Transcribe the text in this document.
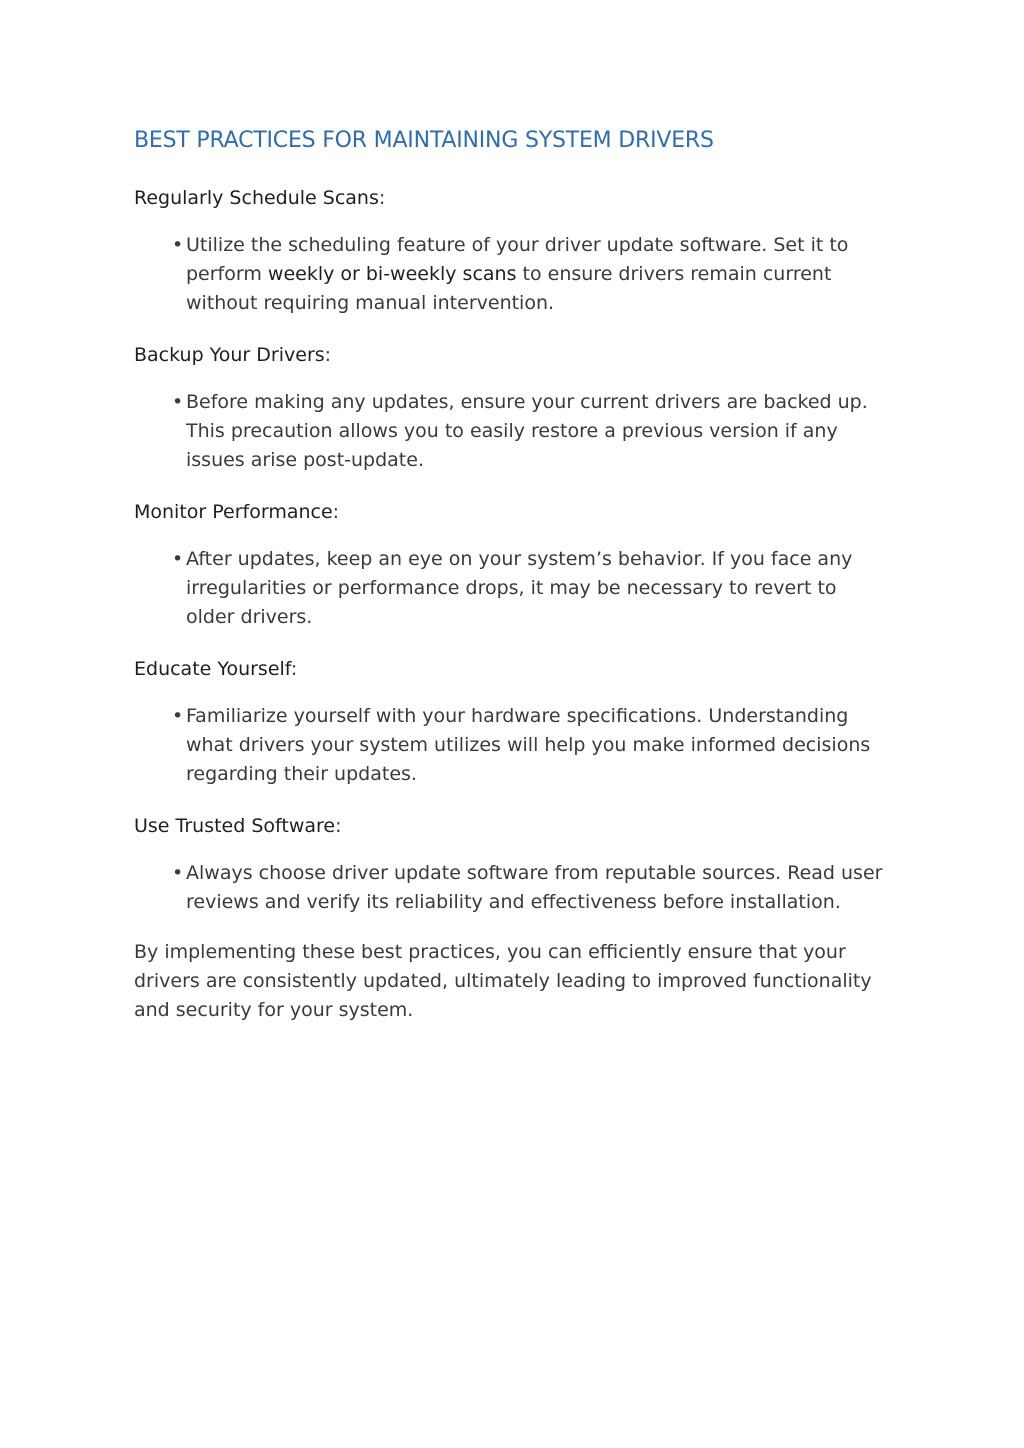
BEST PRACTICES FOR MAINTAINING SYSTEM DRIVERS
Regularly Schedule Scans:
• Utilize the scheduling feature of your driver update software. Set it to perform weekly or bi-weekly scans to ensure drivers remain current without requiring manual intervention.
Backup Your Drivers:
• Before making any updates, ensure your current drivers are backed up. This precaution allows you to easily restore a previous version if any issues arise post-update.
Monitor Performance:
• After updates, keep an eye on your system’s behavior. If you face any irregularities or performance drops, it may be necessary to revert to older drivers.
Educate Yourself:
• Familiarize yourself with your hardware specifications. Understanding what drivers your system utilizes will help you make informed decisions regarding their updates.
Use Trusted Software:
• Always choose driver update software from reputable sources. Read user reviews and verify its reliability and effectiveness before installation.

By implementing these best practices, you can efficiently ensure that your drivers are consistently updated, ultimately leading to improved functionality and security for your system.
